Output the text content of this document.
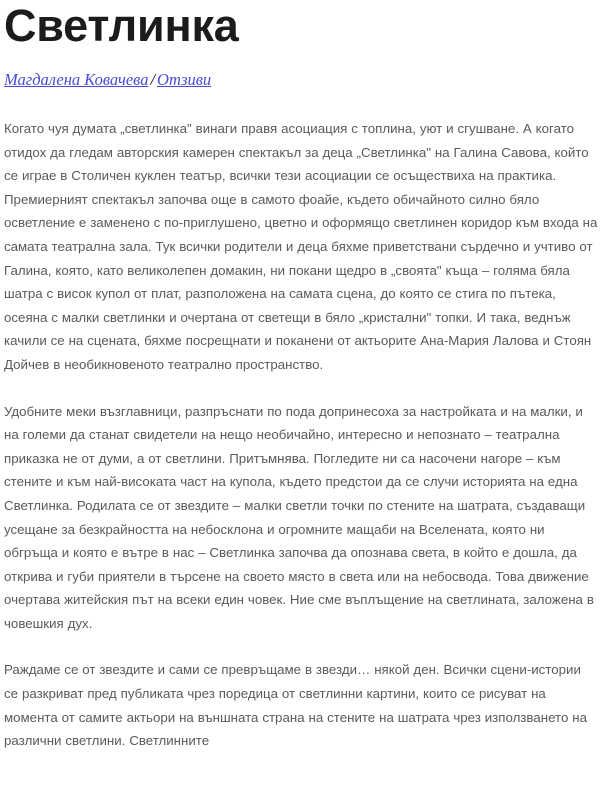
Светлинка
Магдалена Ковачева / Отзиви

Когато чуя думата „светлинка" винаги правя асоциация с топлина, уют и сгушване. А когато отидох да гледам авторския камерен спектакъл за деца „Светлинка" на Галина Савова, който се играе в Столичен куклен театър, всички тези асоциации се осъществиха на практика. Премиерният спектакъл започва още в самото фоайе, където обичайното силно бяло осветление е заменено с по-приглушено, цветно и оформящо светлинен коридор към входа на самата театрална зала. Тук всички родители и деца бяхме приветствани сърдечно и учтиво от Галина, която, като великолепен домакин, ни покани щедро в „своята" къща – голяма бяла шатра с висок купол от плат, разположена на самата сцена, до която се стига по пътека, осеяна с малки светлинки и очертана от светещи в бяло „кристални" топки. И така, веднъж качили се на сцената, бяхме посрещнати и поканени от актьорите Ана-Мария Лалова и Стоян Дойчев в необикновеното театрално пространство.

Удобните меки възглавници, разпръснати по пода допринесоха за настройката и на малки, и на големи да станат свидетели на нещо необичайно, интересно и непознато – театрална приказка не от думи, а от светлини. Притъмнява. Погледите ни са насочени нагоре – към стените и към най-високата част на купола, където предстои да се случи историята на една Светлинка. Родилата се от звездите – малки светли точки по стените на шатрата, създаващи усещане за безкрайността на небосклона и огромните мащаби на Вселената, която ни обгръща и която е вътре в нас – Светлинка започва да опознава света, в който е дошла, да открива и губи приятели в търсене на своето място в света или на небосвода. Това движение очертава житейския път на всеки един човек. Ние сме въплъщение на светлината, заложена в човешкия дух.

Раждаме се от звездите и сами се превръщаме в звезди… някой ден. Всички сцени-истории се разкриват пред публиката чрез поредица от светлинни картини, които се рисуват на момента от самите актьори на външната страна на стените на шатрата чрез използването на различни светлини. Светлинните
